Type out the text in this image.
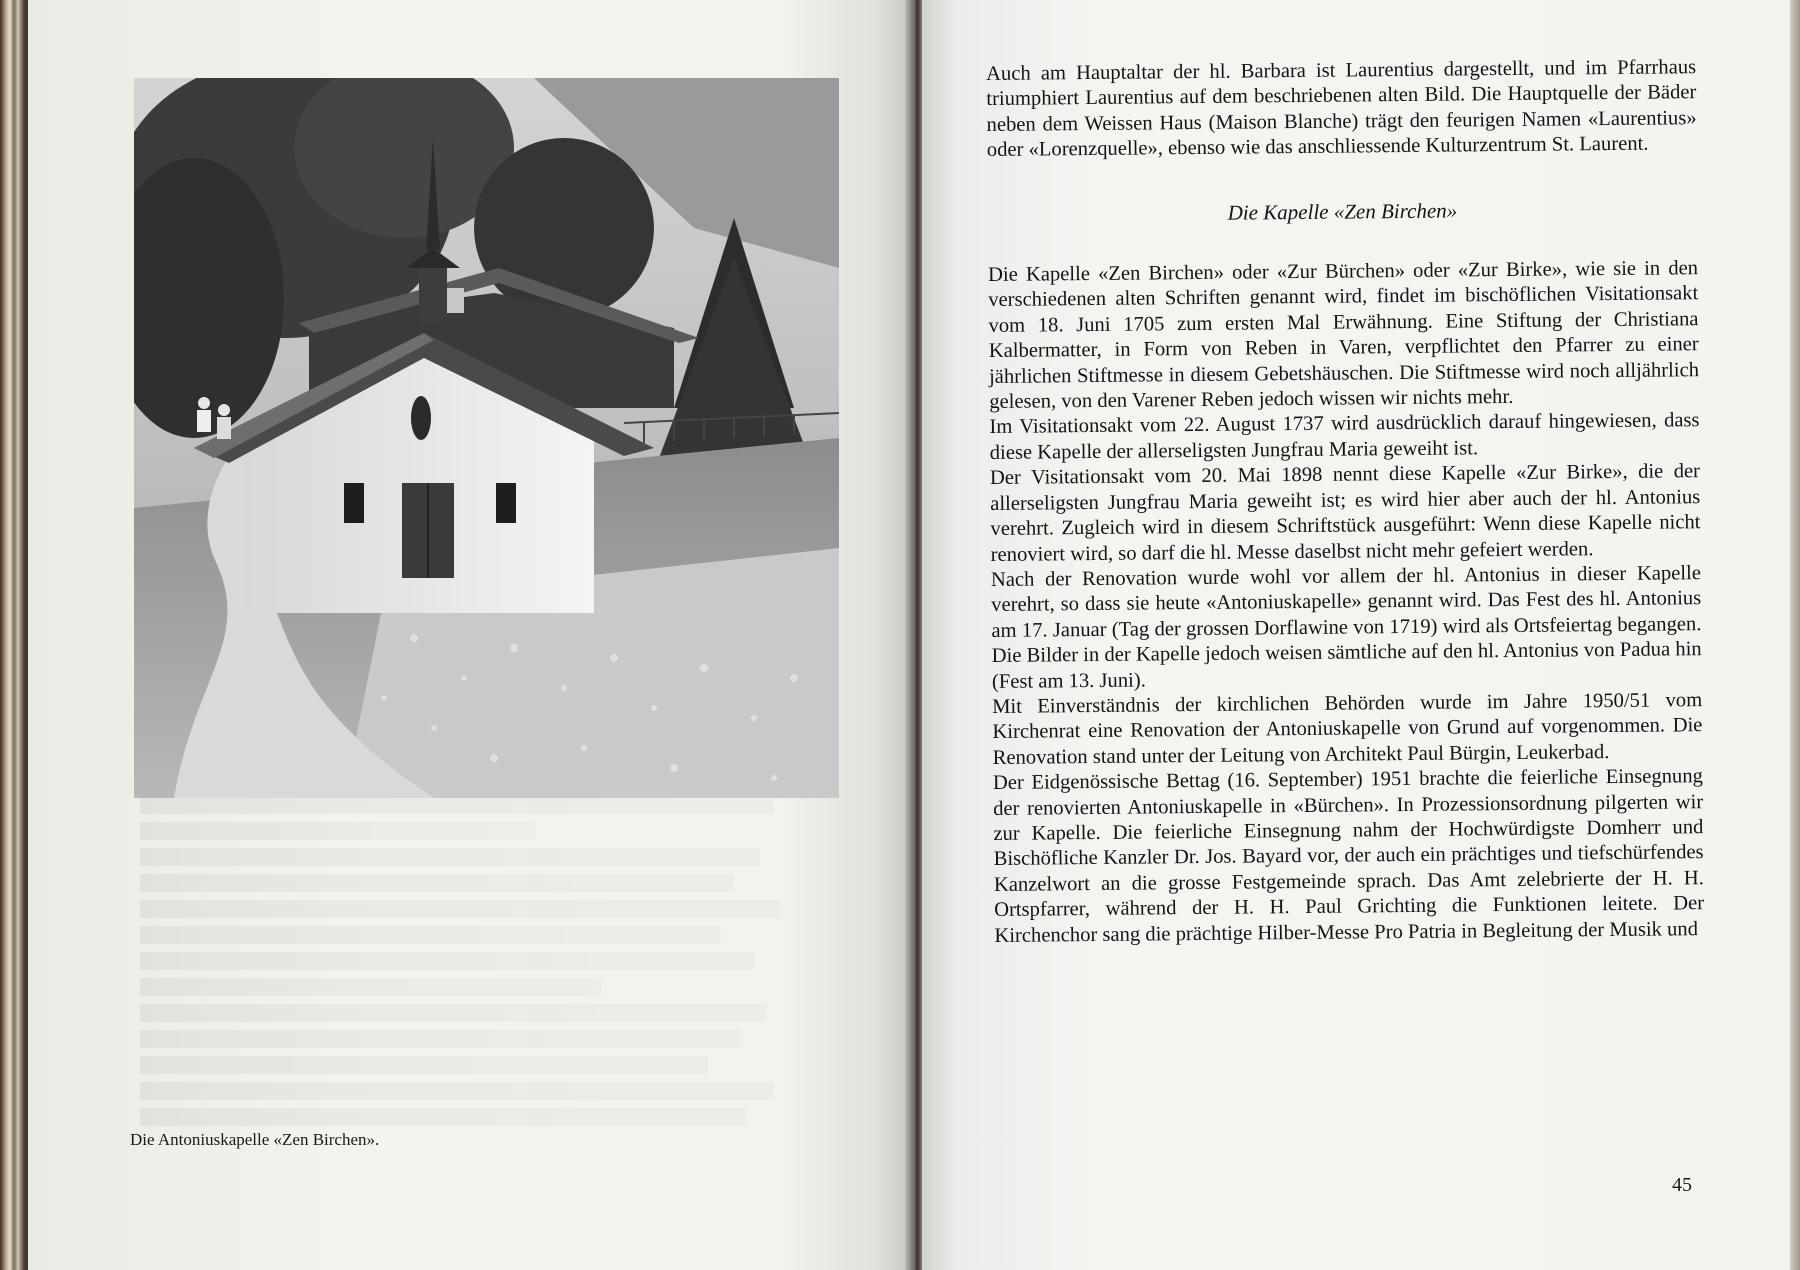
Die Antoniuskapelle «Zen Birchen».

Auch am Hauptaltar der hl. Barbara ist Laurentius dargestellt, und im Pfarrhaus triumphiert Laurentius auf dem beschriebenen alten Bild. Die Hauptquelle der Bäder neben dem Weissen Haus (Maison Blanche) trägt den feurigen Namen «Laurentius» oder «Lorenzquelle», ebenso wie das anschliessende Kulturzentrum St. Laurent.

Die Kapelle «Zen Birchen»

Die Kapelle «Zen Birchen» oder «Zur Bürchen» oder «Zur Birke», wie sie in den verschiedenen alten Schriften genannt wird, findet im bischöflichen Visitationsakt vom 18. Juni 1705 zum ersten Mal Erwähnung. Eine Stiftung der Christiana Kalbermatter, in Form von Reben in Varen, verpflichtet den Pfarrer zu einer jährlichen Stiftmesse in diesem Gebetshäuschen. Die Stiftmesse wird noch alljährlich gelesen, von den Varener Reben jedoch wissen wir nichts mehr.

Im Visitationsakt vom 22. August 1737 wird ausdrücklich darauf hingewiesen, dass diese Kapelle der allerseligsten Jungfrau Maria geweiht ist.

Der Visitationsakt vom 20. Mai 1898 nennt diese Kapelle «Zur Birke», die der allerseligsten Jungfrau Maria geweiht ist; es wird hier aber auch der hl. Antonius verehrt. Zugleich wird in diesem Schriftstück ausgeführt: Wenn diese Kapelle nicht renoviert wird, so darf die hl. Messe daselbst nicht mehr gefeiert werden.

Nach der Renovation wurde wohl vor allem der hl. Antonius in dieser Kapelle verehrt, so dass sie heute «Antoniuskapelle» genannt wird. Das Fest des hl. Antonius am 17. Januar (Tag der grossen Dorflawine von 1719) wird als Ortsfeiertag begangen. Die Bilder in der Kapelle jedoch weisen sämtliche auf den hl. Antonius von Padua hin (Fest am 13. Juni).

Mit Einverständnis der kirchlichen Behörden wurde im Jahre 1950/51 vom Kirchenrat eine Renovation der Antoniuskapelle von Grund auf vorgenommen. Die Renovation stand unter der Leitung von Architekt Paul Bürgin, Leukerbad.

Der Eidgenössische Bettag (16. September) 1951 brachte die feierliche Einsegnung der renovierten Antoniuskapelle in «Bürchen». In Prozessionsordnung pilgerten wir zur Kapelle. Die feierliche Einsegnung nahm der Hochwürdigste Domherr und Bischöfliche Kanzler Dr. Jos. Bayard vor, der auch ein prächtiges und tiefschürfendes Kanzelwort an die grosse Festgemeinde sprach. Das Amt zelebrierte der H. H. Ortspfarrer, während der H. H. Paul Grichting die Funktionen leitete. Der Kirchenchor sang die prächtige Hilber-Messe Pro Patria in Begleitung der Musik und

45
